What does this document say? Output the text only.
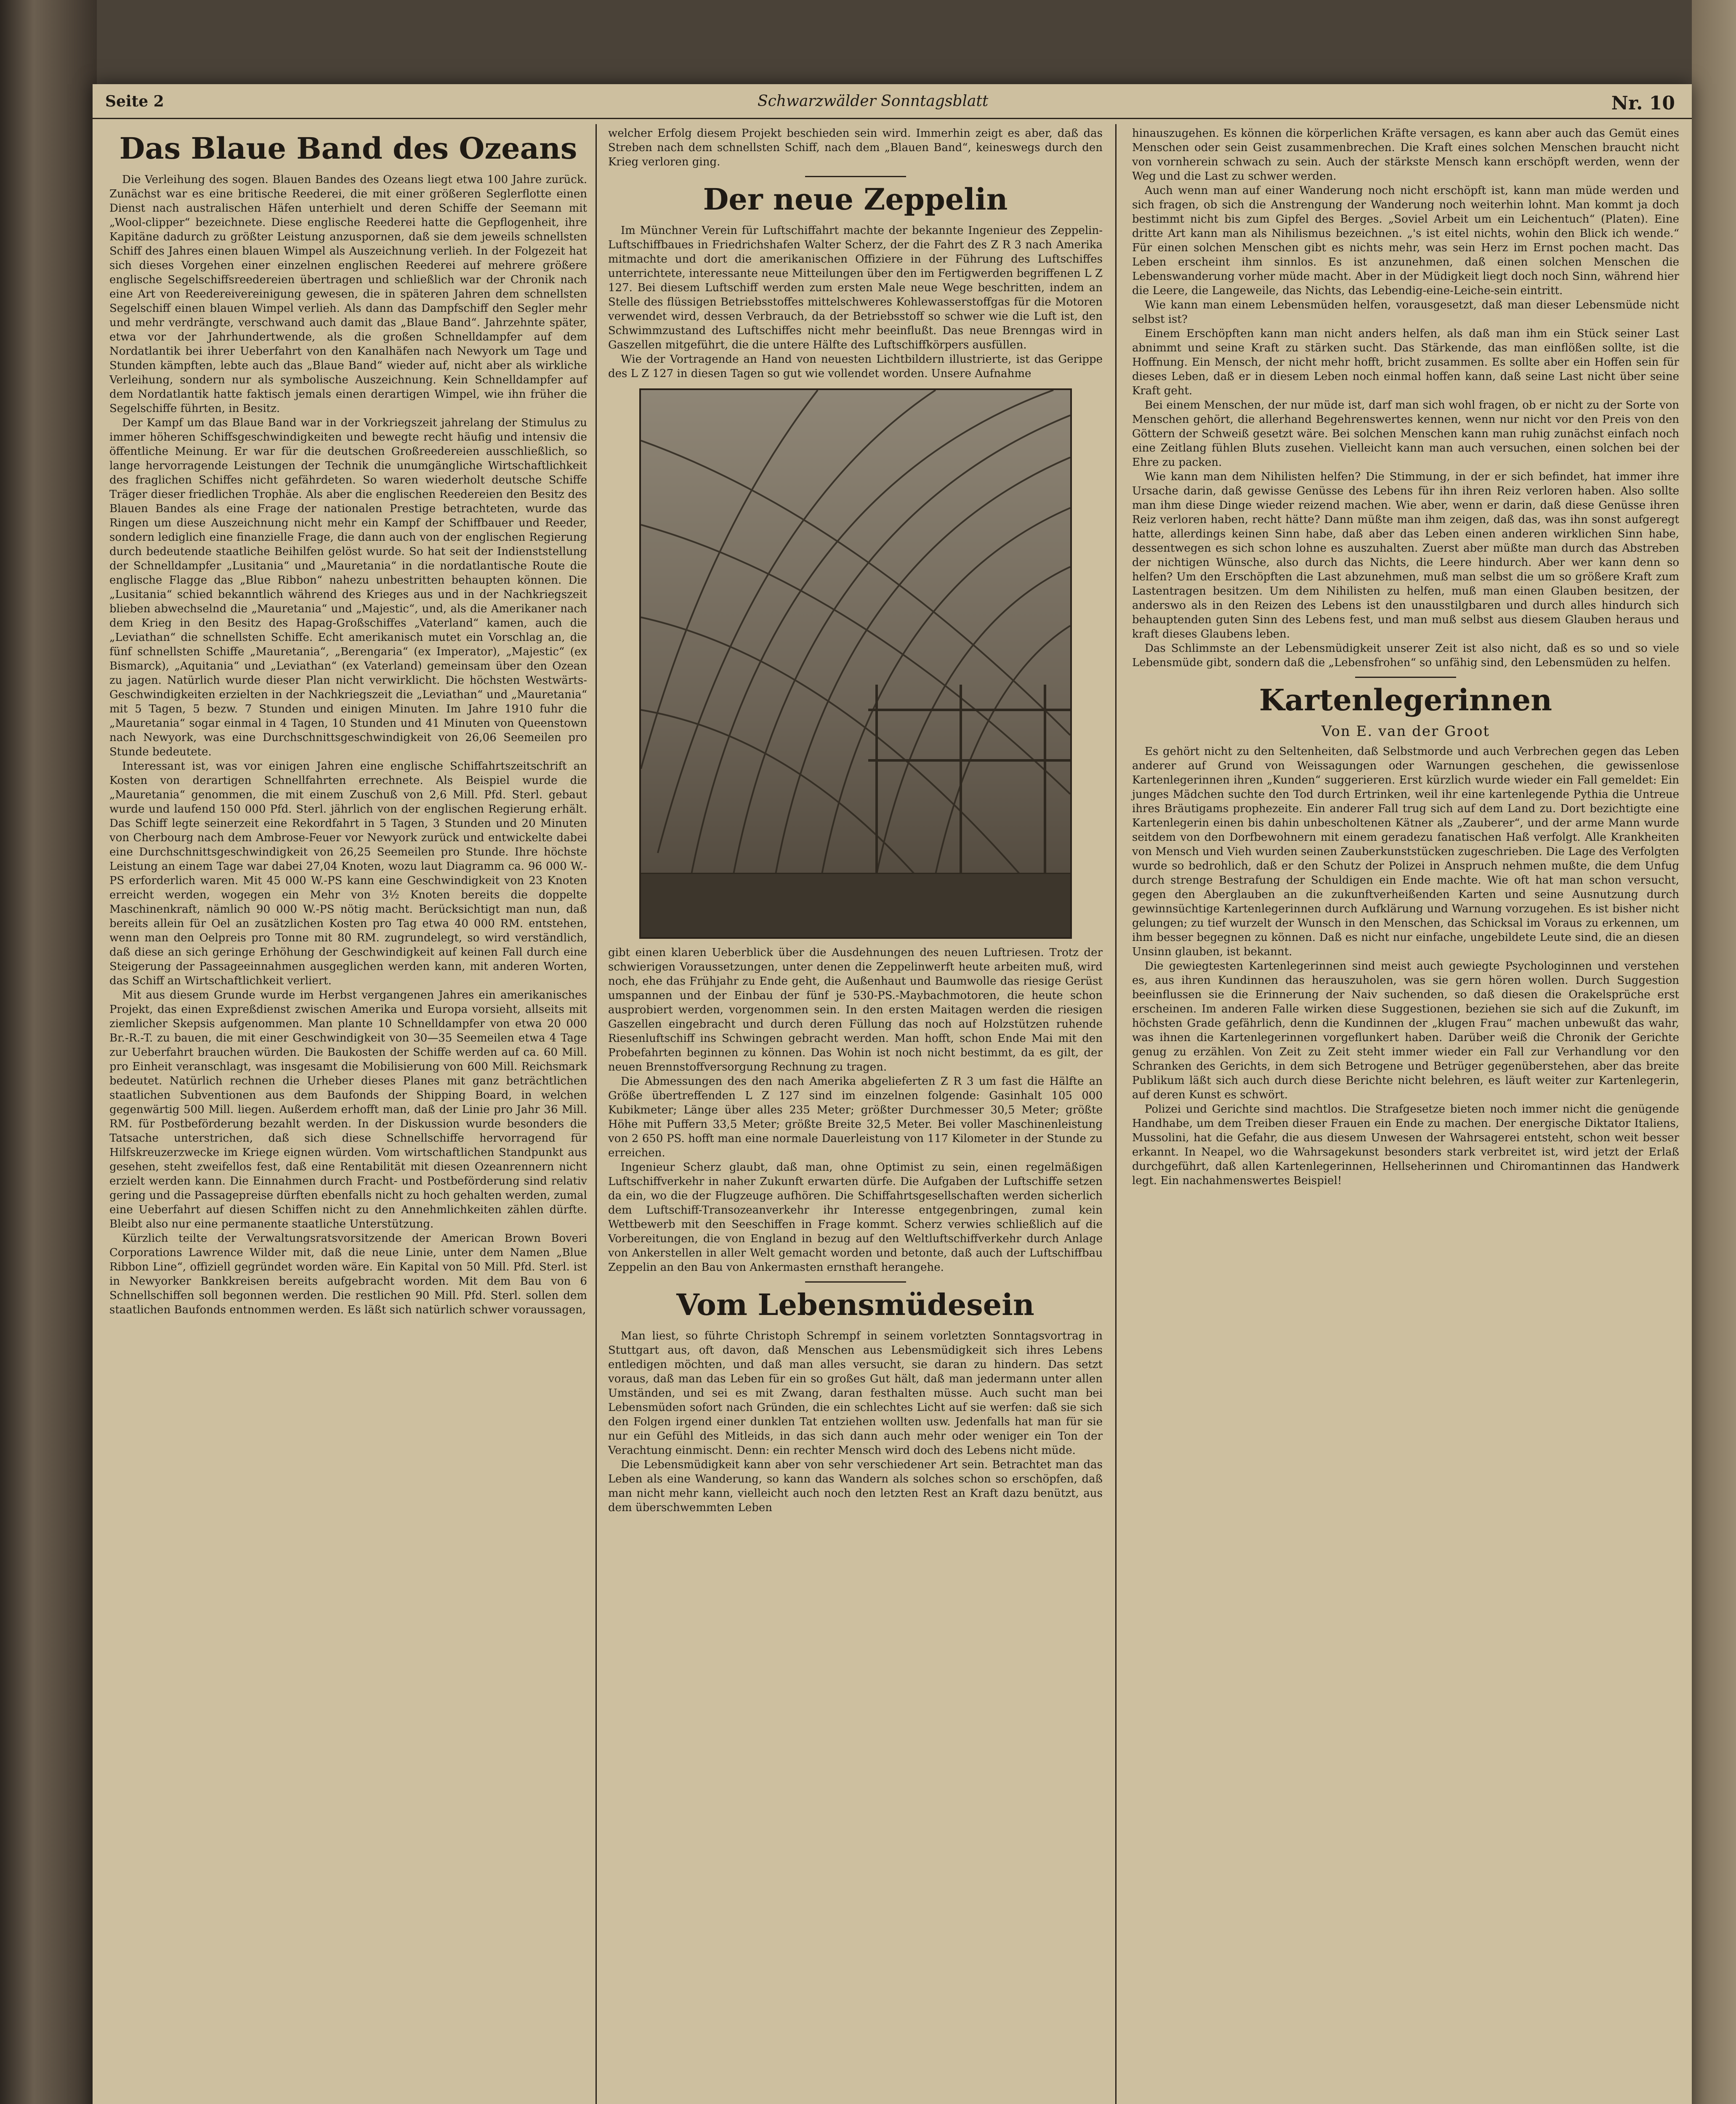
Seite 2	Schwarzwälder Sonntagsblatt	Nr. 10
Das Blaue Band des Ozeans

Die Verleihung des sogen. Blauen Bandes des Ozeans liegt etwa 100 Jahre zurück. Zunächst war es eine britische Reederei, die mit einer größeren Seglerflotte einen Dienst nach australischen Häfen unterhielt und deren Schiffe der Seemann mit „Wool-clipper“ bezeichnete. Diese englische Reederei hatte die Gepflogenheit, ihre Kapitäne dadurch zu größter Leistung anzuspornen, daß sie dem jeweils schnellsten Schiff des Jahres einen blauen Wimpel als Auszeichnung verlieh. In der Folgezeit hat sich dieses Vorgehen einer einzelnen englischen Reederei auf mehrere größere englische Segelschiffsreedereien übertragen und schließlich war der Chronik nach eine Art von Reedereivereinigung gewesen, die in späteren Jahren dem schnellsten Segelschiff einen blauen Wimpel verlieh. Als dann das Dampfschiff den Segler mehr und mehr verdrängte, verschwand auch damit das „Blaue Band“. Jahrzehnte später, etwa vor der Jahrhundertwende, als die großen Schnelldampfer auf dem Nordatlantik bei ihrer Ueberfahrt von den Kanalhäfen nach Newyork um Tage und Stunden kämpften, lebte auch das „Blaue Band“ wieder auf, nicht aber als wirkliche Verleihung, sondern nur als symbolische Auszeichnung. Kein Schnelldampfer auf dem Nordatlantik hatte faktisch jemals einen derartigen Wimpel, wie ihn früher die Segelschiffe führten, in Besitz.

Der Kampf um das Blaue Band war in der Vorkriegszeit jahrelang der Stimulus zu immer höheren Schiffsgeschwindigkeiten und bewegte recht häufig und intensiv die öffentliche Meinung. Er war für die deutschen Großreedereien ausschließlich, so lange hervorragende Leistungen der Technik die unumgängliche Wirtschaftlichkeit des fraglichen Schiffes nicht gefährdeten. So waren wiederholt deutsche Schiffe Träger dieser friedlichen Trophäe. Als aber die englischen Reedereien den Besitz des Blauen Bandes als eine Frage der nationalen Prestige betrachteten, wurde das Ringen um diese Auszeichnung nicht mehr ein Kampf der Schiffbauer und Reeder, sondern lediglich eine finanzielle Frage, die dann auch von der englischen Regierung durch bedeutende staatliche Beihilfen gelöst wurde. So hat seit der Indienststellung der Schnelldampfer „Lusitania“ und „Mauretania“ in die nordatlantische Route die englische Flagge das „Blue Ribbon“ nahezu unbestritten behaupten können. Die „Lusitania“ schied bekanntlich während des Krieges aus und in der Nachkriegszeit blieben abwechselnd die „Mauretania“ und „Majestic“, und, als die Amerikaner nach dem Krieg in den Besitz des Hapag-Großschiffes „Vaterland“ kamen, auch die „Leviathan“ die schnellsten Schiffe. Echt amerikanisch mutet ein Vorschlag an, die fünf schnellsten Schiffe „Mauretania“, „Berengaria“ (ex Imperator), „Majestic“ (ex Bismarck), „Aquitania“ und „Leviathan“ (ex Vaterland) gemeinsam über den Ozean zu jagen. Natürlich wurde dieser Plan nicht verwirklicht. Die höchsten Westwärts-Geschwindigkeiten erzielten in der Nachkriegszeit die „Leviathan“ und „Mauretania“ mit 5 Tagen, 5 bezw. 7 Stunden und einigen Minuten. Im Jahre 1910 fuhr die „Mauretania“ sogar einmal in 4 Tagen, 10 Stunden und 41 Minuten von Queenstown nach Newyork, was eine Durchschnittsgeschwindigkeit von 26,06 Seemeilen pro Stunde bedeutete.

Interessant ist, was vor einigen Jahren eine englische Schiffahrtszeitschrift an Kosten von derartigen Schnellfahrten errechnete. Als Beispiel wurde die „Mauretania“ genommen, die mit einem Zuschuß von 2,6 Mill. Pfd. Sterl. gebaut wurde und laufend 150 000 Pfd. Sterl. jährlich von der englischen Regierung erhält. Das Schiff legte seinerzeit eine Rekordfahrt in 5 Tagen, 3 Stunden und 20 Minuten von Cherbourg nach dem Ambrose-Feuer vor Newyork zurück und entwickelte dabei eine Durchschnittsgeschwindigkeit von 26,25 Seemeilen pro Stunde. Ihre höchste Leistung an einem Tage war dabei 27,04 Knoten, wozu laut Diagramm ca. 96 000 W.-PS erforderlich waren. Mit 45 000 W.-PS kann eine Geschwindigkeit von 23 Knoten erreicht werden, wogegen ein Mehr von 3½ Knoten bereits die doppelte Maschinenkraft, nämlich 90 000 W.-PS nötig macht. Berücksichtigt man nun, daß bereits allein für Oel an zusätzlichen Kosten pro Tag etwa 40 000 RM. entstehen, wenn man den Oelpreis pro Tonne mit 80 RM. zugrundelegt, so wird verständlich, daß diese an sich geringe Erhöhung der Geschwindigkeit auf keinen Fall durch eine Steigerung der Passageeinnahmen ausgeglichen werden kann, mit anderen Worten, das Schiff an Wirtschaftlichkeit verliert.

Mit aus diesem Grunde wurde im Herbst vergangenen Jahres ein amerikanisches Projekt, das einen Expreßdienst zwischen Amerika und Europa vorsieht, allseits mit ziemlicher Skepsis aufgenommen. Man plante 10 Schnelldampfer von etwa 20 000 Br.-R.-T. zu bauen, die mit einer Geschwindigkeit von 30—35 Seemeilen etwa 4 Tage zur Ueberfahrt brauchen würden. Die Baukosten der Schiffe werden auf ca. 60 Mill. pro Einheit veranschlagt, was insgesamt die Mobilisierung von 600 Mill. Reichsmark bedeutet. Natürlich rechnen die Urheber dieses Planes mit ganz beträchtlichen staatlichen Subventionen aus dem Baufonds der Shipping Board, in welchen gegenwärtig 500 Mill. liegen. Außerdem erhofft man, daß der Linie pro Jahr 36 Mill. RM. für Postbeförderung bezahlt werden. In der Diskussion wurde besonders die Tatsache unterstrichen, daß sich diese Schnellschiffe hervorragend für Hilfskreuzerzwecke im Kriege eignen würden. Vom wirtschaftlichen Standpunkt aus gesehen, steht zweifellos fest, daß eine Rentabilität mit diesen Ozeanrennern nicht erzielt werden kann. Die Einnahmen durch Fracht- und Postbeförderung sind relativ gering und die Passagepreise dürften ebenfalls nicht zu hoch gehalten werden, zumal eine Ueberfahrt auf diesen Schiffen nicht zu den Annehmlichkeiten zählen dürfte. Bleibt also nur eine permanente staatliche Unterstützung.

Kürzlich teilte der Verwaltungsratsvorsitzende der American Brown Boveri Corporations Lawrence Wilder mit, daß die neue Linie, unter dem Namen „Blue Ribbon Line“, offiziell gegründet worden wäre. Ein Kapital von 50 Mill. Pfd. Sterl. ist in Newyorker Bankkreisen bereits aufgebracht worden. Mit dem Bau von 6 Schnellschiffen soll begonnen werden. Die restlichen 90 Mill. Pfd. Sterl. sollen dem staatlichen Baufonds entnommen werden. Es läßt sich natürlich schwer voraussagen,

welcher Erfolg diesem Projekt beschieden sein wird. Immerhin zeigt es aber, daß das Streben nach dem schnellsten Schiff, nach dem „Blauen Band“, keineswegs durch den Krieg verloren ging.

Der neue Zeppelin

Im Münchner Verein für Luftschiffahrt machte der bekannte Ingenieur des Zeppelin-Luftschiffbaues in Friedrichshafen Walter Scherz, der die Fahrt des Z R 3 nach Amerika mitmachte und dort die amerikanischen Offiziere in der Führung des Luftschiffes unterrichtete, interessante neue Mitteilungen über den im Fertigwerden begriffenen L Z 127. Bei diesem Luftschiff werden zum ersten Male neue Wege beschritten, indem an Stelle des flüssigen Betriebsstoffes mittelschweres Kohlewasserstoffgas für die Motoren verwendet wird, dessen Verbrauch, da der Betriebsstoff so schwer wie die Luft ist, den Schwimmzustand des Luftschiffes nicht mehr beeinflußt. Das neue Brenngas wird in Gaszellen mitgeführt, die die untere Hälfte des Luftschiffkörpers ausfüllen.

Wie der Vortragende an Hand von neuesten Lichtbildern illustrierte, ist das Gerippe des L Z 127 in diesen Tagen so gut wie vollendet worden. Unsere Aufnahme

gibt einen klaren Ueberblick über die Ausdehnungen des neuen Luftriesen. Trotz der schwierigen Voraussetzungen, unter denen die Zeppelinwerft heute arbeiten muß, wird noch, ehe das Frühjahr zu Ende geht, die Außenhaut und Baumwolle das riesige Gerüst umspannen und der Einbau der fünf je 530-PS.-Maybachmotoren, die heute schon ausprobiert werden, vorgenommen sein. In den ersten Maitagen werden die riesigen Gaszellen eingebracht und durch deren Füllung das noch auf Holzstützen ruhende Riesenluftschiff ins Schwingen gebracht werden. Man hofft, schon Ende Mai mit den Probefahrten beginnen zu können. Das Wohin ist noch nicht bestimmt, da es gilt, der neuen Brennstoffversorgung Rechnung zu tragen.

Die Abmessungen des den nach Amerika abgelieferten Z R 3 um fast die Hälfte an Größe übertreffenden L Z 127 sind im einzelnen folgende: Gasinhalt 105 000 Kubikmeter; Länge über alles 235 Meter; größter Durchmesser 30,5 Meter; größte Höhe mit Puffern 33,5 Meter; größte Breite 32,5 Meter. Bei voller Maschinenleistung von 2 650 PS. hofft man eine normale Dauerleistung von 117 Kilometer in der Stunde zu erreichen.

Ingenieur Scherz glaubt, daß man, ohne Optimist zu sein, einen regelmäßigen Luftschiffverkehr in naher Zukunft erwarten dürfe. Die Aufgaben der Luftschiffe setzen da ein, wo die der Flugzeuge aufhören. Die Schiffahrtsgesellschaften werden sicherlich dem Luftschiff-Transozeanverkehr ihr Interesse entgegenbringen, zumal kein Wettbewerb mit den Seeschiffen in Frage kommt. Scherz verwies schließlich auf die Vorbereitungen, die von England in bezug auf den Weltluftschiffverkehr durch Anlage von Ankerstellen in aller Welt gemacht worden und betonte, daß auch der Luftschiffbau Zeppelin an den Bau von Ankermasten ernsthaft herangehe.

Vom Lebensmüdesein

Man liest, so führte Christoph Schrempf in seinem vorletzten Sonntagsvortrag in Stuttgart aus, oft davon, daß Menschen aus Lebensmüdigkeit sich ihres Lebens entledigen möchten, und daß man alles versucht, sie daran zu hindern. Das setzt voraus, daß man das Leben für ein so großes Gut hält, daß man jedermann unter allen Umständen, und sei es mit Zwang, daran festhalten müsse. Auch sucht man bei Lebensmüden sofort nach Gründen, die ein schlechtes Licht auf sie werfen: daß sie sich den Folgen irgend einer dunklen Tat entziehen wollten usw. Jedenfalls hat man für sie nur ein Gefühl des Mitleids, in das sich dann auch mehr oder weniger ein Ton der Verachtung einmischt. Denn: ein rechter Mensch wird doch des Lebens nicht müde.

Die Lebensmüdigkeit kann aber von sehr verschiedener Art sein. Betrachtet man das Leben als eine Wanderung, so kann das Wandern als solches schon so erschöpfen, daß man nicht mehr kann, vielleicht auch noch den letzten Rest an Kraft dazu benützt, aus dem überschwemmten Leben

hinauszugehen. Es können die körperlichen Kräfte versagen, es kann aber auch das Gemüt eines Menschen oder sein Geist zusammenbrechen. Die Kraft eines solchen Menschen braucht nicht von vornherein schwach zu sein. Auch der stärkste Mensch kann erschöpft werden, wenn der Weg und die Last zu schwer werden.

Auch wenn man auf einer Wanderung noch nicht erschöpft ist, kann man müde werden und sich fragen, ob sich die Anstrengung der Wanderung noch weiterhin lohnt. Man kommt ja doch bestimmt nicht bis zum Gipfel des Berges. „Soviel Arbeit um ein Leichentuch“ (Platen). Eine dritte Art kann man als Nihilismus bezeichnen. „'s ist eitel nichts, wohin den Blick ich wende.“ Für einen solchen Menschen gibt es nichts mehr, was sein Herz im Ernst pochen macht. Das Leben erscheint ihm sinnlos. Es ist anzunehmen, daß einen solchen Menschen die Lebenswanderung vorher müde macht. Aber in der Müdigkeit liegt doch noch Sinn, während hier die Leere, die Langeweile, das Nichts, das Lebendig-eine-Leiche-sein eintritt.

Wie kann man einem Lebensmüden helfen, vorausgesetzt, daß man dieser Lebensmüde nicht selbst ist?

Einem Erschöpften kann man nicht anders helfen, als daß man ihm ein Stück seiner Last abnimmt und seine Kraft zu stärken sucht. Das Stärkende, das man einflößen sollte, ist die Hoffnung. Ein Mensch, der nicht mehr hofft, bricht zusammen. Es sollte aber ein Hoffen sein für dieses Leben, daß er in diesem Leben noch einmal hoffen kann, daß seine Last nicht über seine Kraft geht.

Bei einem Menschen, der nur müde ist, darf man sich wohl fragen, ob er nicht zu der Sorte von Menschen gehört, die allerhand Begehrenswertes kennen, wenn nur nicht vor den Preis von den Göttern der Schweiß gesetzt wäre. Bei solchen Menschen kann man ruhig zunächst einfach noch eine Zeitlang fühlen Bluts zusehen. Vielleicht kann man auch versuchen, einen solchen bei der Ehre zu packen.

Wie kann man dem Nihilisten helfen? Die Stimmung, in der er sich befindet, hat immer ihre Ursache darin, daß gewisse Genüsse des Lebens für ihn ihren Reiz verloren haben. Also sollte man ihm diese Dinge wieder reizend machen. Wie aber, wenn er darin, daß diese Genüsse ihren Reiz verloren haben, recht hätte? Dann müßte man ihm zeigen, daß das, was ihn sonst aufgeregt hatte, allerdings keinen Sinn habe, daß aber das Leben einen anderen wirklichen Sinn habe, dessentwegen es sich schon lohne es auszuhalten. Zuerst aber müßte man durch das Abstreben der nichtigen Wünsche, also durch das Nichts, die Leere hindurch. Aber wer kann denn so helfen? Um den Erschöpften die Last abzunehmen, muß man selbst die um so größere Kraft zum Lastentragen besitzen. Um dem Nihilisten zu helfen, muß man einen Glauben besitzen, der anderswo als in den Reizen des Lebens ist den unausstilgbaren und durch alles hindurch sich behauptenden guten Sinn des Lebens fest, und man muß selbst aus diesem Glauben heraus und kraft dieses Glaubens leben.

Das Schlimmste an der Lebensmüdigkeit unserer Zeit ist also nicht, daß es so und so viele Lebensmüde gibt, sondern daß die „Lebensfrohen“ so unfähig sind, den Lebensmüden zu helfen.

Kartenlegerinnen
Von E. van der Groot

Es gehört nicht zu den Seltenheiten, daß Selbstmorde und auch Verbrechen gegen das Leben anderer auf Grund von Weissagungen oder Warnungen geschehen, die gewissenlose Kartenlegerinnen ihren „Kunden“ suggerieren. Erst kürzlich wurde wieder ein Fall gemeldet: Ein junges Mädchen suchte den Tod durch Ertrinken, weil ihr eine kartenlegende Pythia die Untreue ihres Bräutigams prophezeite. Ein anderer Fall trug sich auf dem Land zu. Dort bezichtigte eine Kartenlegerin einen bis dahin unbescholtenen Kätner als „Zauberer“, und der arme Mann wurde seitdem von den Dorfbewohnern mit einem geradezu fanatischen Haß verfolgt. Alle Krankheiten von Mensch und Vieh wurden seinen Zauberkunststücken zugeschrieben. Die Lage des Verfolgten wurde so bedrohlich, daß er den Schutz der Polizei in Anspruch nehmen mußte, die dem Unfug durch strenge Bestrafung der Schuldigen ein Ende machte. Wie oft hat man schon versucht, gegen den Aberglauben an die zukunftverheißenden Karten und seine Ausnutzung durch gewinnsüchtige Kartenlegerinnen durch Aufklärung und Warnung vorzugehen. Es ist bisher nicht gelungen; zu tief wurzelt der Wunsch in den Menschen, das Schicksal im Voraus zu erkennen, um ihm besser begegnen zu können. Daß es nicht nur einfache, ungebildete Leute sind, die an diesen Unsinn glauben, ist bekannt.

Die gewiegtesten Kartenlegerinnen sind meist auch gewiegte Psychologinnen und verstehen es, aus ihren Kundinnen das herauszuholen, was sie gern hören wollen. Durch Suggestion beeinflussen sie die Erinnerung der Naiv suchenden, so daß diesen die Orakelsprüche erst erscheinen. Im anderen Falle wirken diese Suggestionen, beziehen sie sich auf die Zukunft, im höchsten Grade gefährlich, denn die Kundinnen der „klugen Frau“ machen unbewußt das wahr, was ihnen die Kartenlegerinnen vorgeflunkert haben. Darüber weiß die Chronik der Gerichte genug zu erzählen. Von Zeit zu Zeit steht immer wieder ein Fall zur Verhandlung vor den Schranken des Gerichts, in dem sich Betrogene und Betrüger gegenüberstehen, aber das breite Publikum läßt sich auch durch diese Berichte nicht belehren, es läuft weiter zur Kartenlegerin, auf deren Kunst es schwört.

Polizei und Gerichte sind machtlos. Die Strafgesetze bieten noch immer nicht die genügende Handhabe, um dem Treiben dieser Frauen ein Ende zu machen. Der energische Diktator Italiens, Mussolini, hat die Gefahr, die aus diesem Unwesen der Wahrsagerei entsteht, schon weit besser erkannt. In Neapel, wo die Wahrsagekunst besonders stark verbreitet ist, wird jetzt der Erlaß durchgeführt, daß allen Kartenlegerinnen, Hellseherinnen und Chiromantinnen das Handwerk legt. Ein nachahmenswertes Beispiel!
